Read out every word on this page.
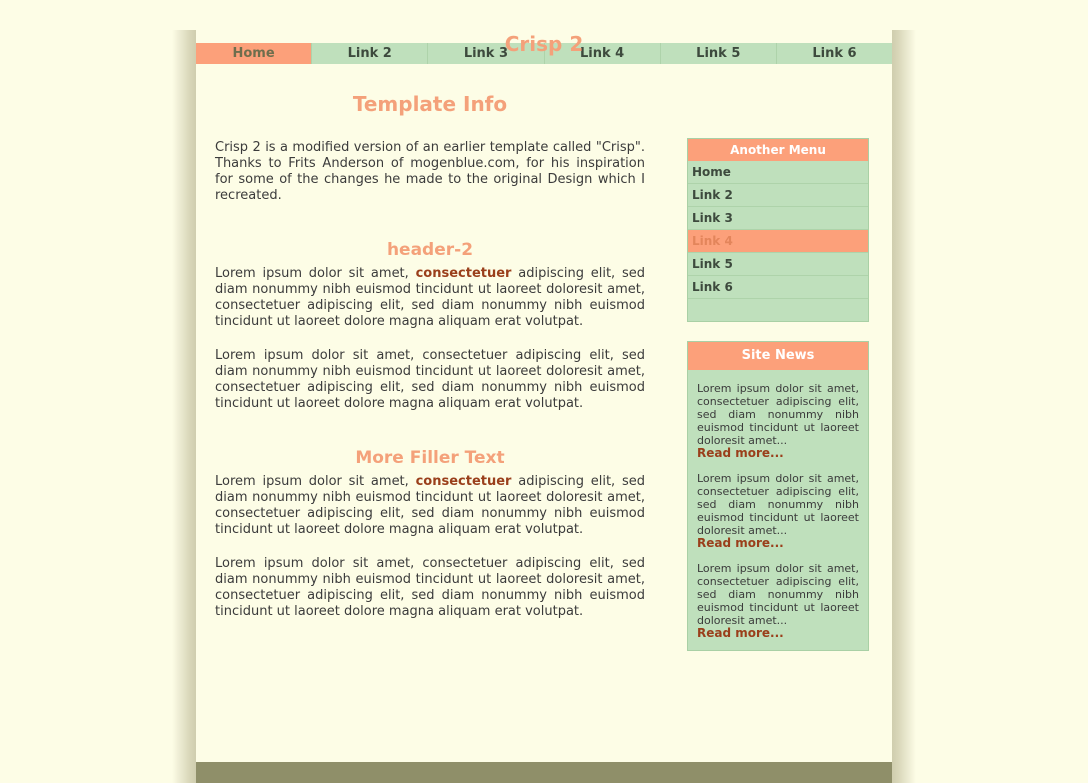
Home	Link 2	Link 3	Link 4	Link 5	Link 6
Crisp 2
Template Info

Crisp 2 is a modified version of an earlier template called "Crisp". Thanks to Frits Anderson of mogenblue.com, for his inspiration for some of the changes he made to the original Design which I recreated.

header-2

Lorem ipsum dolor sit amet, consectetuer adipiscing elit, sed diam nonummy nibh euismod tincidunt ut laoreet doloresit amet, consectetuer adipiscing elit, sed diam nonummy nibh euismod tincidunt ut laoreet dolore magna aliquam erat volutpat.

Lorem ipsum dolor sit amet, consectetuer adipiscing elit, sed diam nonummy nibh euismod tincidunt ut laoreet doloresit amet, consectetuer adipiscing elit, sed diam nonummy nibh euismod tincidunt ut laoreet dolore magna aliquam erat volutpat.

More Filler Text

Lorem ipsum dolor sit amet, consectetuer adipiscing elit, sed diam nonummy nibh euismod tincidunt ut laoreet doloresit amet, consectetuer adipiscing elit, sed diam nonummy nibh euismod tincidunt ut laoreet dolore magna aliquam erat volutpat.

Lorem ipsum dolor sit amet, consectetuer adipiscing elit, sed diam nonummy nibh euismod tincidunt ut laoreet doloresit amet, consectetuer adipiscing elit, sed diam nonummy nibh euismod tincidunt ut laoreet dolore magna aliquam erat volutpat.

Another Menu
Home
Link 2
Link 3
Link 4
Link 5
Link 6
Site News

Lorem ipsum dolor sit amet, consectetuer adipiscing elit, sed diam nonummy nibh euismod tincidunt ut laoreet doloresit amet...

Read more...

Lorem ipsum dolor sit amet, consectetuer adipiscing elit, sed diam nonummy nibh euismod tincidunt ut laoreet doloresit amet...

Read more...

Lorem ipsum dolor sit amet, consectetuer adipiscing elit, sed diam nonummy nibh euismod tincidunt ut laoreet doloresit amet...

Read more...
